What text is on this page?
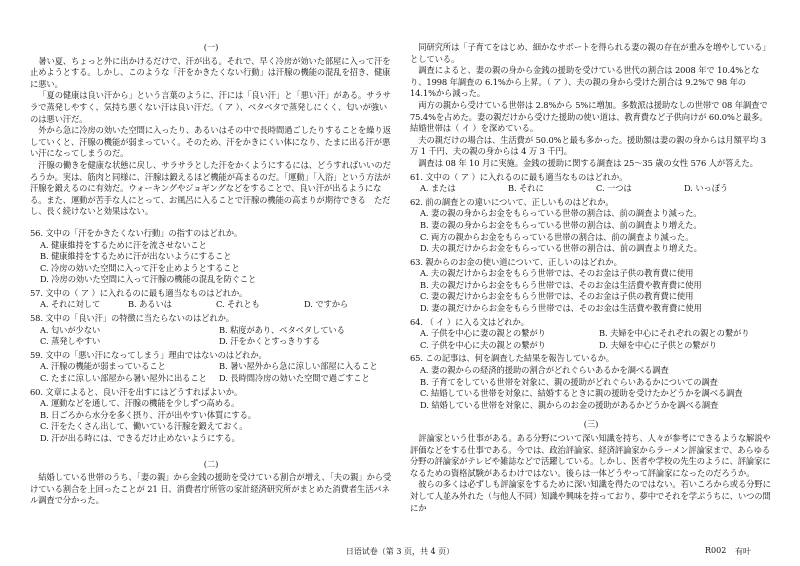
(一)

暑い夏、ちょっと外に出かけるだけで、汗が出る。それで、早く冷房が効いた部屋に入って汗を止めようとする。しかし、このような「汗をかきたくない行動」は汗腺の機能の混乱を招き、健康に悪い。

「夏の健康は良い汗から」という言葉のように、汗には「良い汗」と「悪い汗」がある。サラサラで蒸発しやすく、気持ち悪くない汗は良い汗だ。（ ア ）、ベタベタで蒸発しにくく、匂いが強いのは悪い汗だ。

外から急に冷房の効いた空間に入ったり、あるいはその中で長時間過ごしたりすることを繰り返していくと、汗腺の機能が弱まっていく。そのため、汗をかきにくい体になり、たまに出る汗が悪い汗になってしまうのだ。

汗腺の働きを健康な状態に戻し、サラサラとした汗をかくようにするには、どうすればいいのだろうか。実は、筋肉と同様に、汗腺は鍛えるほど機能が高まるのだ。「運動」「入浴」という方法が汗腺を鍛えるのに有効だ。ウォーキングやジョギングなどをすることで、良い汗が出るようになる。また、運動が苦手な人にとって、お風呂に入ることで汗腺の機能の高まりが期待できる　ただし、長く続けないと効果はない。

56. 文中の「汗をかきたくない行動」の指すのはどれか。

A. 健康維持をするために汗を流させないこと
B. 健康維持をするために汗が出ないようにすること
C. 冷房の効いた空間に入って汗を止めようとすること
D. 冷房の効いた空間に入って汗腺の機能の混乱を防ぐこと

57. 文中の（ ア ）に入れるのに最も適当なものはどれか。

A. それに対して	B. あるいは	C. それとも	D. ですから

58. 文中の「良い汗」の特徴に当たらないのはどれか。

A. 匂いが少ない	B. 粘度があり、ベタベタしている
C. 蒸発しやすい	D. 汗をかくとすっきりする

59. 文中の「悪い汗になってしまう」理由ではないのはどれか。

A. 汗腺の機能が弱まっていること	B. 暑い屋外から急に涼しい部屋に入ること
C. たまに涼しい部屋から暑い屋外に出ること	D. 長時間冷房の効いた空間で過ごすこと

60. 文章によると、良い汗を出すにはどうすればよいか。

A. 運動などを通して、汗腺の機能を少しずつ高める。
B. 日ごろから水分を多く摂り、汗が出やすい体質にする。
C. 汗をたくさん出して、働いている汗腺を鍛えておく。
D. 汗が出る時には、できるだけ止めないようにする。
(二)

結婚している世帯のうち、「妻の親」から金銭の援助を受けている割合が増え、「夫の親」から受けている割合を上回ったことが 21 日、消費者庁所管の家計経済研究所がまとめた消費者生活パネル調査で分かった。

同研究所は「子育てをはじめ、細かなサポートを得られる妻の親の存在が重みを増やしている」としている。

調査によると、妻の親の身から金銭の援助を受けている世代の割合は 2008 年で 10.4%となり、1998 年調査の 6.1%から上昇。（ ア ）、夫の親の身から受けた割合は 9.2%で 98 年の 14.1%から減った。

両方の親から受けている世帯は 2.8%から 5%に増加。多数派は援助なしの世帯で 08 年調査で 75.4%を占めた。妻の親だけから受けた援助の使い道は、教育費など子供向けが 60.0%と最多。結婚世帯は（ イ ）を深めている。

夫の親だけの場合は、生活費が 50.0%と最も多かった。援助額は妻の親の身からは月額平均 3 万 1 千円、夫の親の身からは 4 万 3 千円。

調査は 08 年 10 月に実施。金銭の援助に関する調査は 25～35 歳の女性 576 人が答えた。

61. 文中の（ ア ）に入れるのに最も適当なものはどれか。

A. または	B. それに	C. 一つは	D. いっぽう

62. 前の調査との違いについて、正しいものはどれか。

A. 妻の親の身からお金をもらっている世帯の割合は、前の調査より減った。
B. 妻の親の身からお金をもらっている世帯の割合は、前の調査より増えた。
C. 両方の親からお金をもらっている世帯の割合は、前の調査より減った。
D. 夫の親だけからお金をもらっている世帯の割合は、前の調査より増えた。

63. 親からのお金の使い道について、正しいのはどれか。

A. 夫の親だけからお金をもらう世帯では、そのお金は子供の教育費に使用
B. 夫の親だけからお金をもらう世帯では、そのお金は生活費や教育費に使用
C. 妻の親だけからお金をもらう世帯では、そのお金は子供の教育費に使用
D. 妻の親だけからお金をもらう世帯では、そのお金は生活費や教育費に使用

64. （ イ ）に入る文はどれか。

A. 子供を中心に妻の親との繋がり	B. 夫婦を中心にそれぞれの親との繋がり
C. 子供を中心に夫の親との繋がり	D. 夫婦を中心に子供との繋がり

65. この記事は、何を調査した結果を報告しているか。

A. 妻の親からの経済的援助の割合がどれぐらいあるかを調べる調査
B. 子育てをしている世帯を対象に、親の援助がどれぐらいあるかについての調査
C. 結婚している世帯を対象に、結婚するときに親の援助を受けたかどうかを調べる調査
D. 結婚している世帯を対象に、親からのお金の援助があるかどうかを調べる調査
(三)

評論家という仕事がある。ある分野について深い知識を持ち、人々が参考にできるような解説や評価などをする仕事である。今では、政治評論家、経済評論家からラーメン評論家まで、あらゆる分野の評論家がテレビや雑誌などで活躍している。しかし、医者や学校の先生のように、評論家になるための資格試験があるわけではない。後らは一体どうやって評論家になったのだろうか。

彼らの多くは必ずしも評論家をするために深い知識を得たのではない。若いころから或る分野に対して人並み外れた（与他人不同）知識や興味を持っており、夢中でそれを学ぶうちに、いつの間にか

日语试卷（第 3 页，共 4 页）	R002 有叶
